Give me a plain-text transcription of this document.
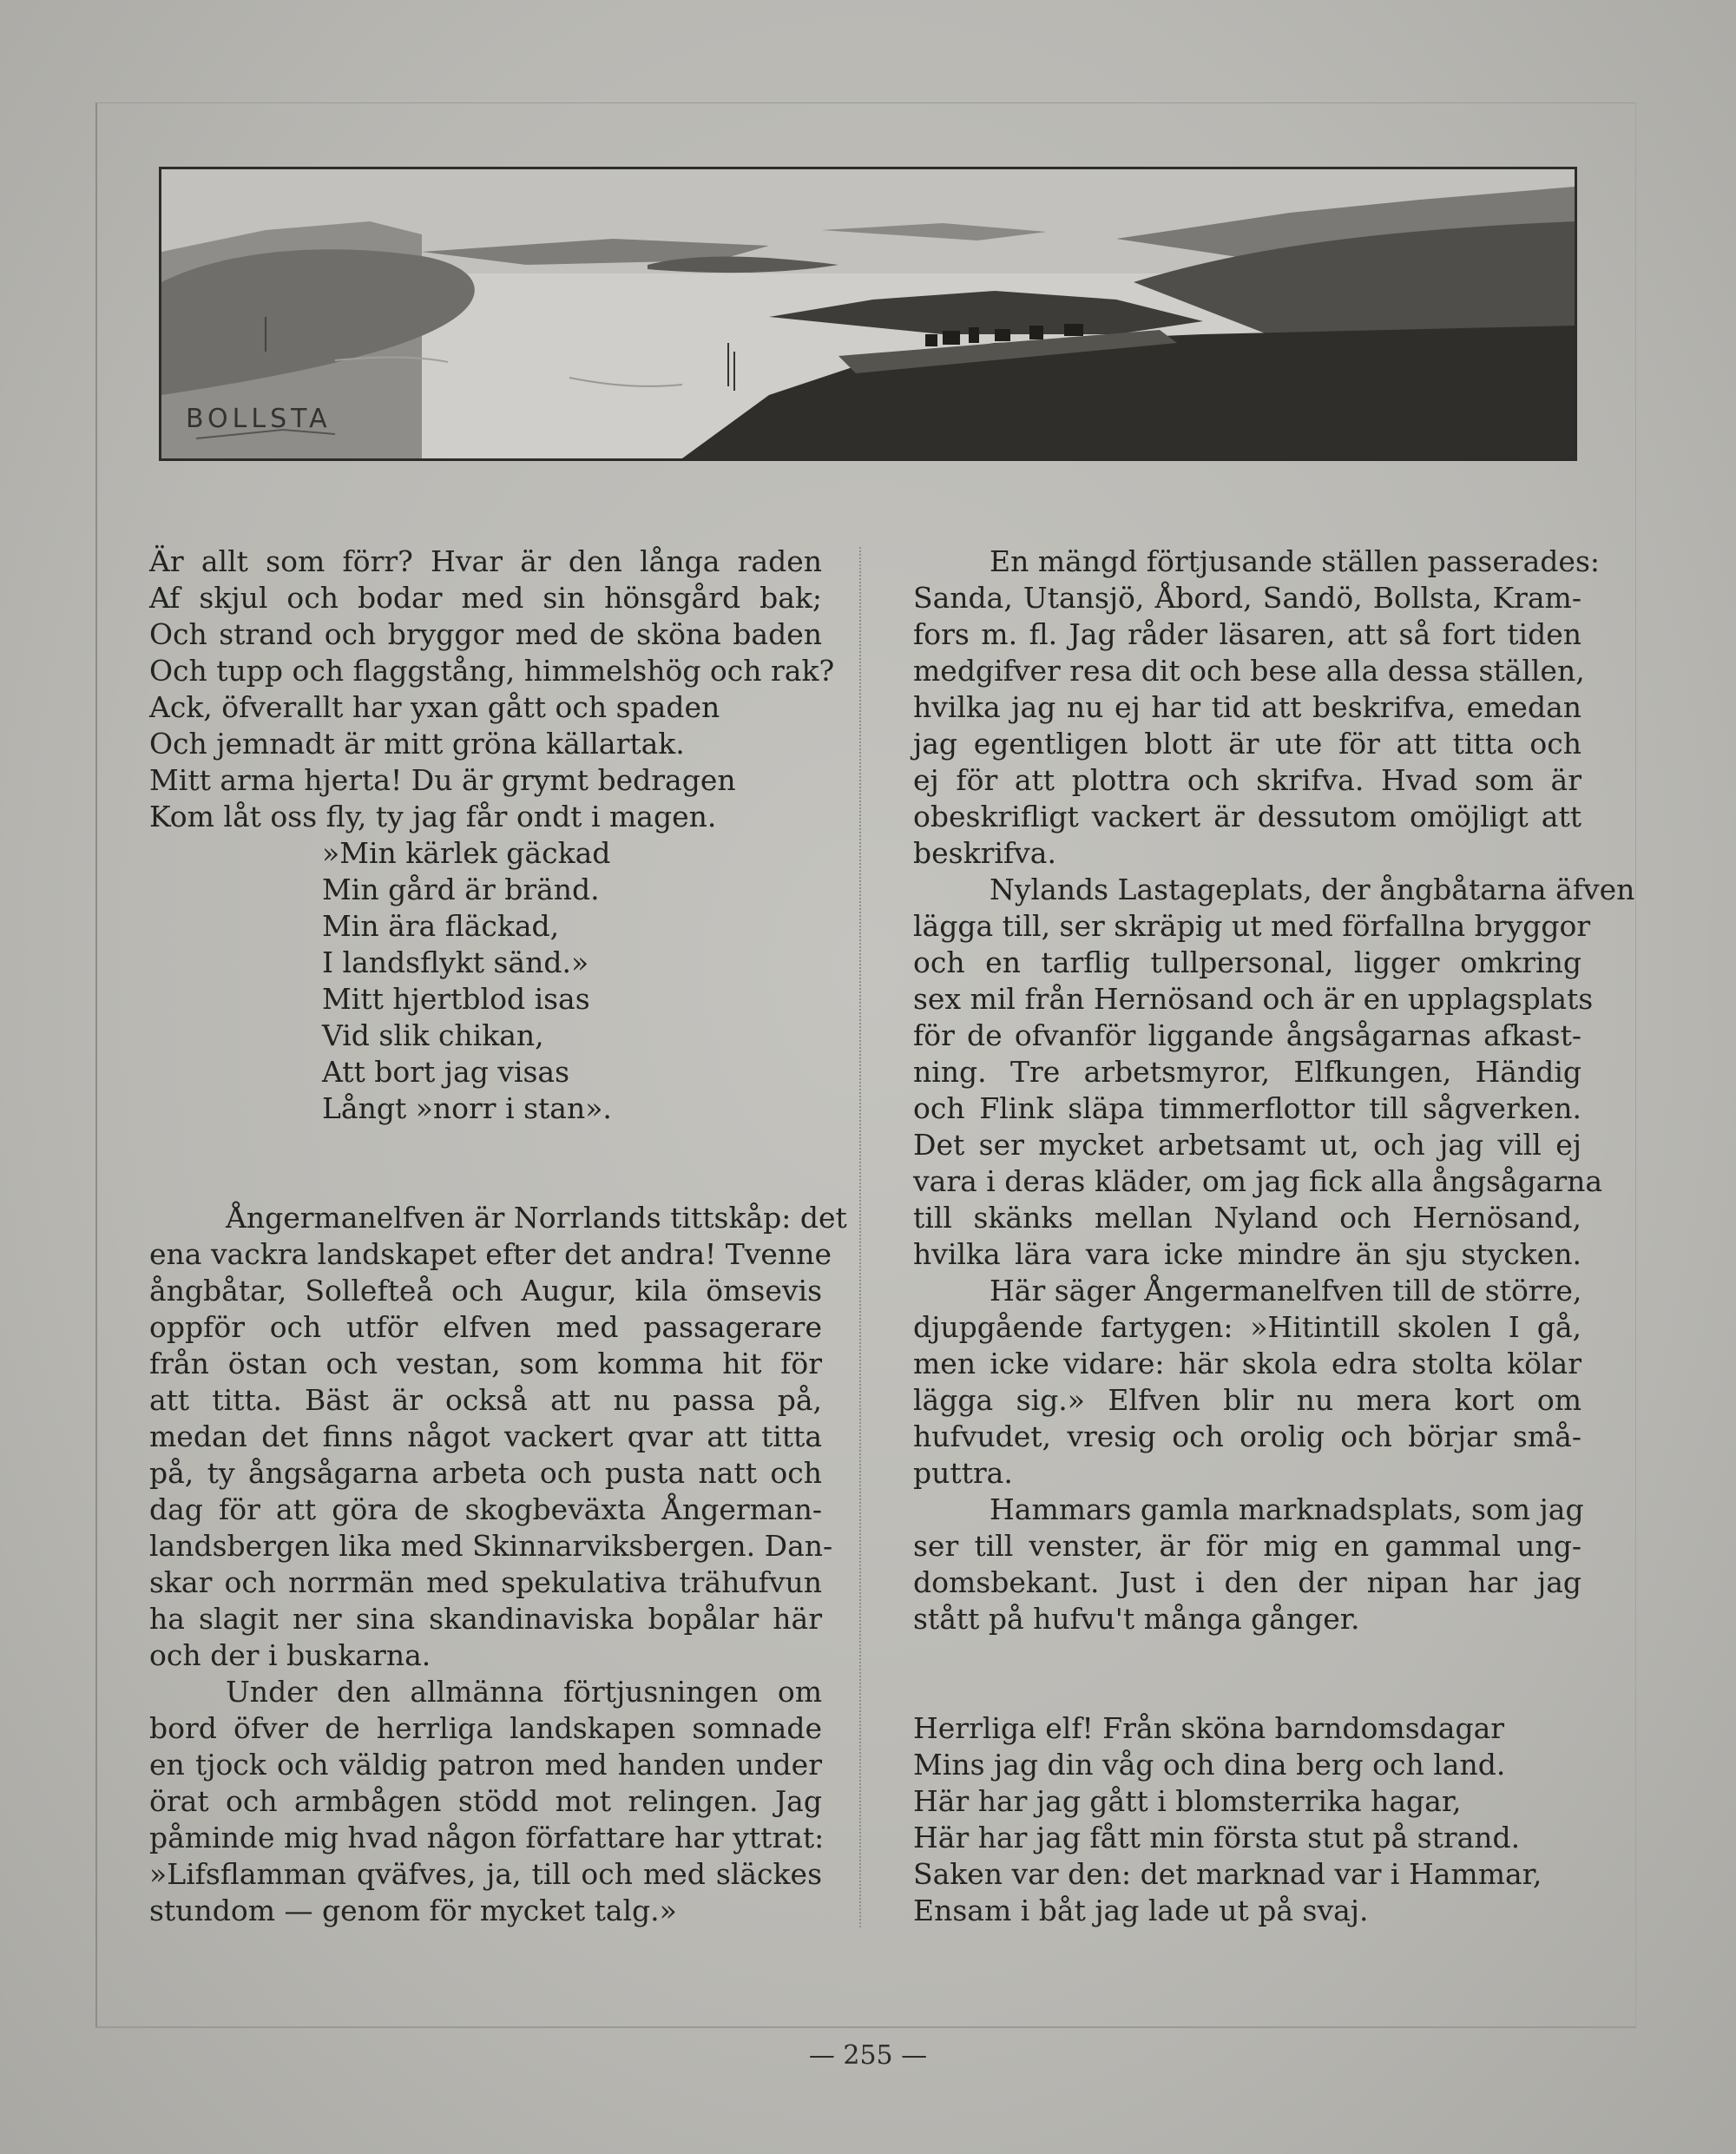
BOLLSTA
Är allt som förr? Hvar är den långa raden
Af skjul och bodar med sin hönsgård bak;
Och strand och bryggor med de sköna baden
Och tupp och flaggstång, himmelshög och rak?
Ack, öfverallt har yxan gått och spaden
Och jemnadt är mitt gröna källartak.
Mitt arma hjerta! Du är grymt bedragen
Kom låt oss fly, ty jag får ondt i magen.
»Min kärlek gäckad
Min gård är bränd.
Min ära fläckad,
I landsflykt sänd.»
Mitt hjertblod isas
Vid slik chikan,
Att bort jag visas
Långt »norr i stan».
Ångermanelfven är Norrlands tittskåp: det
ena vackra landskapet efter det andra! Tvenne
ångbåtar, Sollefteå och Augur, kila ömsevis
oppför och utför elfven med passagerare
från östan och vestan, som komma hit för
att titta. Bäst är också att nu passa på,
medan det finns något vackert qvar att titta
på, ty ångsågarna arbeta och pusta natt och
dag för att göra de skogbeväxta Ångerman-
landsbergen lika med Skinnarviksbergen. Dan-
skar och norrmän med spekulativa trähufvun
ha slagit ner sina skandinaviska bopålar här
och der i buskarna.
Under den allmänna förtjusningen om
bord öfver de herrliga landskapen somnade
en tjock och väldig patron med handen under
örat och armbågen stödd mot relingen. Jag
påminde mig hvad någon författare har yttrat:
»Lifsflamman qväfves, ja, till och med släckes
stundom — genom för mycket talg.»
En mängd förtjusande ställen passerades:
Sanda, Utansjö, Åbord, Sandö, Bollsta, Kram-
fors m. fl. Jag råder läsaren, att så fort tiden
medgifver resa dit och bese alla dessa ställen,
hvilka jag nu ej har tid att beskrifva, emedan
jag egentligen blott är ute för att titta och
ej för att plottra och skrifva. Hvad som är
obeskrifligt vackert är dessutom omöjligt att
beskrifva.
Nylands Lastageplats, der ångbåtarna äfven
lägga till, ser skräpig ut med förfallna bryggor
och en tarflig tullpersonal, ligger omkring
sex mil från Hernösand och är en upplagsplats
för de ofvanför liggande ångsågarnas afkast-
ning. Tre arbetsmyror, Elfkungen, Händig
och Flink släpa timmerflottor till sågverken.
Det ser mycket arbetsamt ut, och jag vill ej
vara i deras kläder, om jag fick alla ångsågarna
till skänks mellan Nyland och Hernösand,
hvilka lära vara icke mindre än sju stycken.
Här säger Ångermanelfven till de större,
djupgående fartygen: »Hitintill skolen I gå,
men icke vidare: här skola edra stolta kölar
lägga sig.» Elfven blir nu mera kort om
hufvudet, vresig och orolig och börjar små-
puttra.
Hammars gamla marknadsplats, som jag
ser till venster, är för mig en gammal ung-
domsbekant. Just i den der nipan har jag
stått på hufvu't många gånger.
Herrliga elf! Från sköna barndomsdagar
Mins jag din våg och dina berg och land.
Här har jag gått i blomsterrika hagar,
Här har jag fått min första stut på strand.
Saken var den: det marknad var i Hammar,
Ensam i båt jag lade ut på svaj.
— 255 —
